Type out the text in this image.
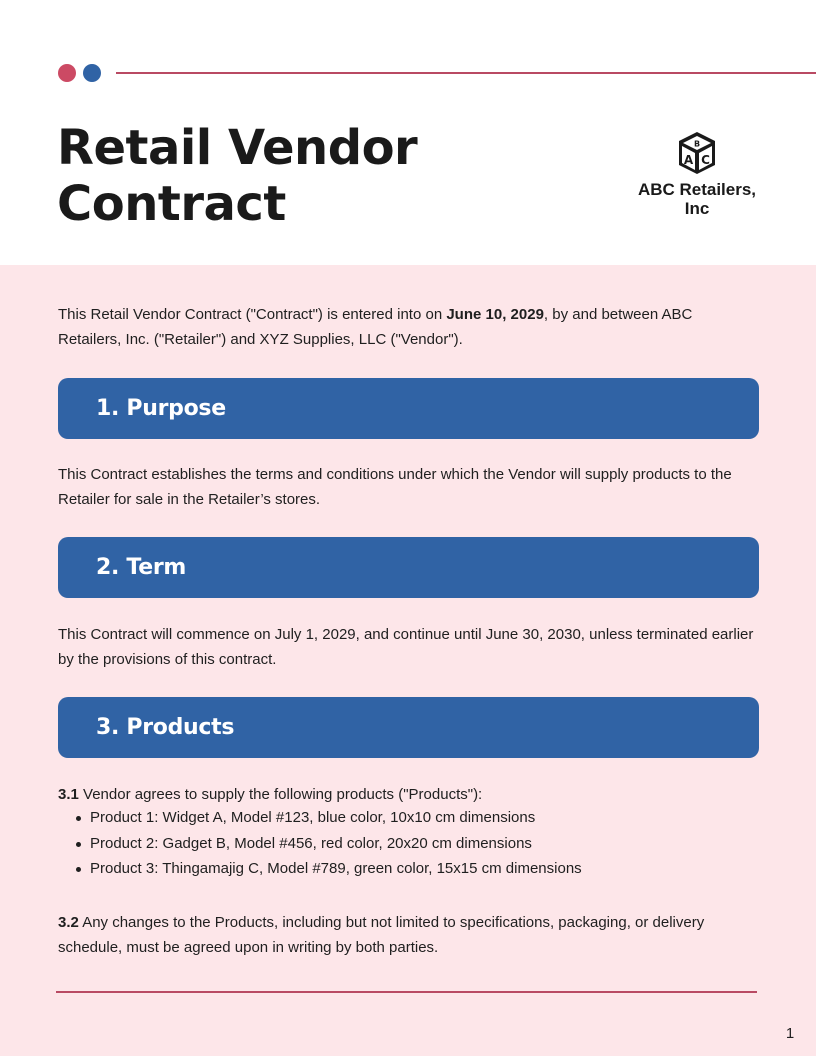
Retail Vendor Contract
B
A C
ABC Retailers, Inc

This Retail Vendor Contract ("Contract") is entered into on June 10, 2029, by and between ABC Retailers, Inc. ("Retailer") and XYZ Supplies, LLC ("Vendor").

1. Purpose

This Contract establishes the terms and conditions under which the Vendor will supply products to the Retailer for sale in the Retailer’s stores.

2. Term

This Contract will commence on July 1, 2029, and continue until June 30, 2030, unless terminated earlier by the provisions of this contract.

3. Products

3.1 Vendor agrees to supply the following products ("Products"):

Product 1: Widget A, Model #123, blue color, 10x10 cm dimensions
Product 2: Gadget B, Model #456, red color, 20x20 cm dimensions
Product 3: Thingamajig C, Model #789, green color, 15x15 cm dimensions

3.2 Any changes to the Products, including but not limited to specifications, packaging, or delivery schedule, must be agreed upon in writing by both parties.

1
